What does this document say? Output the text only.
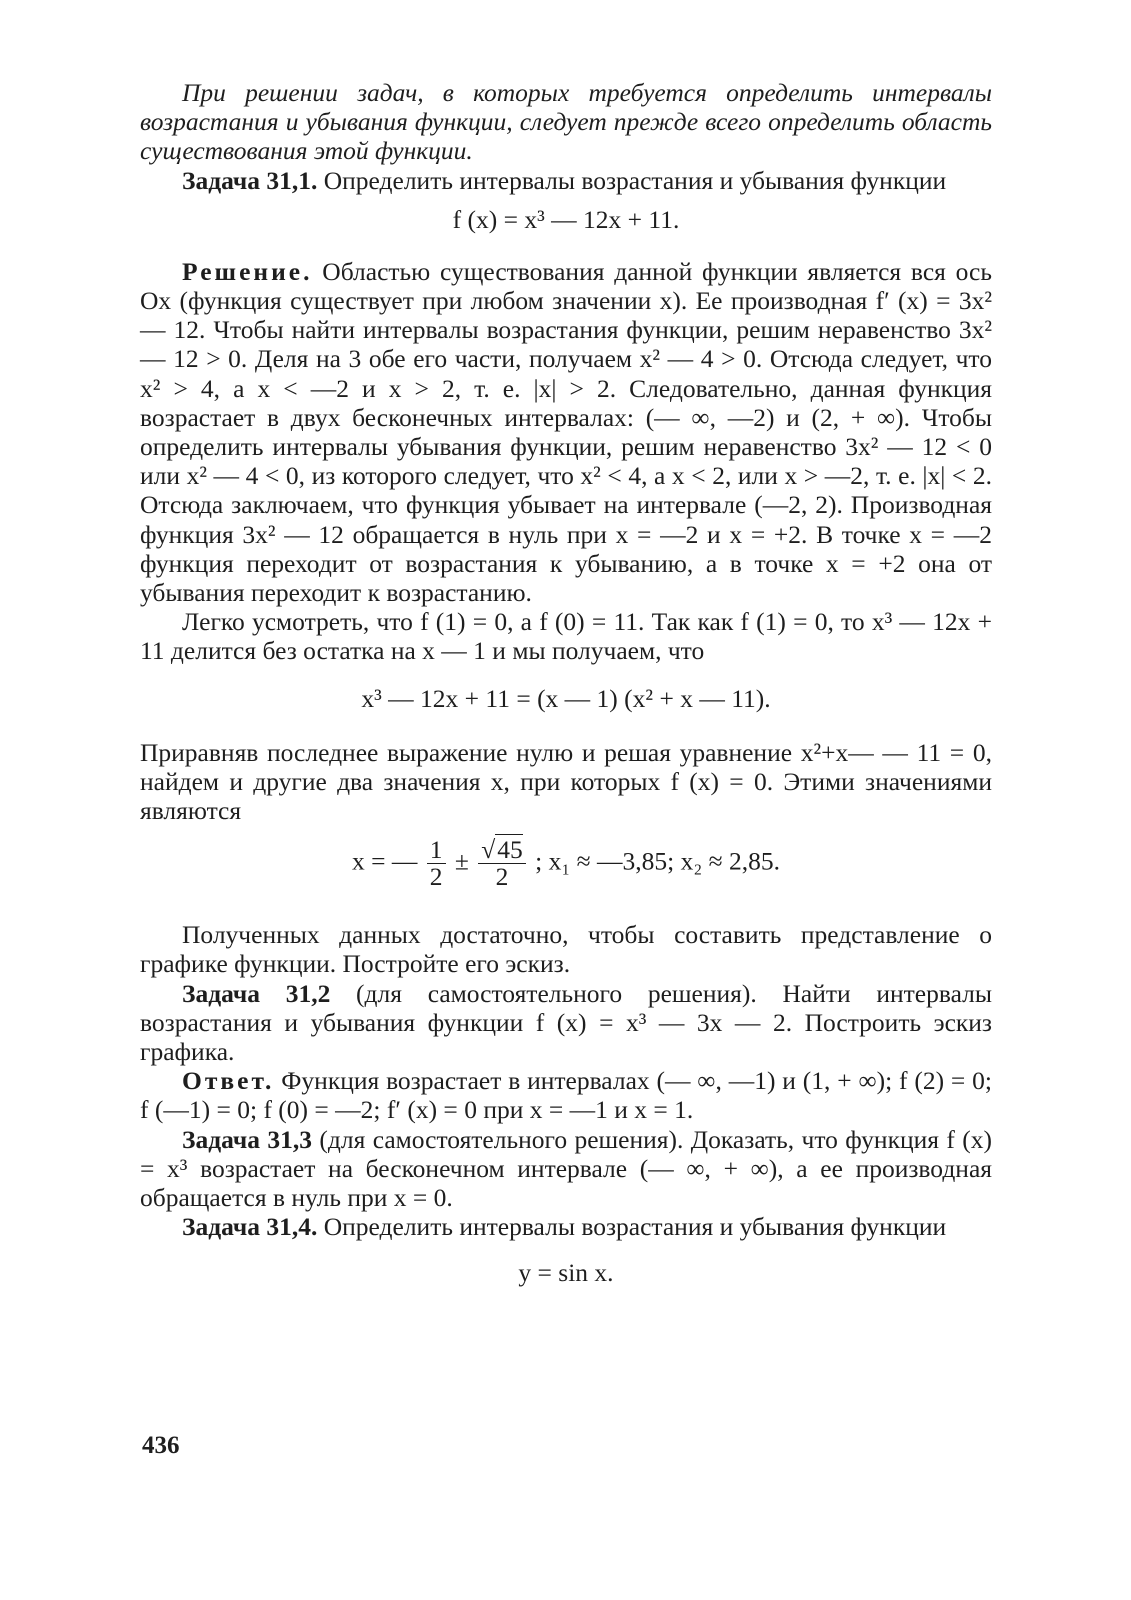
При решении задач, в которых требуется определить интервалы возрастания и убывания функции, следует прежде всего определить область существования этой функции.

Задача 31,1. Определить интервалы возрастания и убывания функции

f (x) = x³ — 12x + 11.

Решение. Областью существования данной функции является вся ось Ox (функция существует при любом значении x). Ее производная f′ (x) = 3x² — 12. Чтобы найти интервалы возрастания функции, решим неравенство 3x² — 12 > 0. Деля на 3 обе его части, получаем x² — 4 > 0. Отсюда следует, что x² > 4, а x < —2 и x > 2, т. е. |x| > 2. Следовательно, данная функция возрастает в двух бесконечных интервалах: (— ∞, —2) и (2, + ∞). Чтобы определить интервалы убывания функции, решим неравенство 3x² — 12 < 0 или x² — 4 < 0, из которого следует, что x² < 4, а x < 2, или x > —2, т. е. |x| < 2. Отсюда заключаем, что функция убывает на интервале (—2, 2). Производная функция 3x² — 12 обращается в нуль при x = —2 и x = +2. В точке x = —2 функция переходит от возрастания к убыванию, а в точке x = +2 она от убывания переходит к возрастанию.

Легко усмотреть, что f (1) = 0, а f (0) = 11. Так как f (1) = 0, то x³ — 12x + 11 делится без остатка на x — 1 и мы получаем, что

x³ — 12x + 11 = (x — 1) (x² + x — 11).

Приравняв последнее выражение нулю и решая уравнение x²+x— — 11 = 0, найдем и другие два значения x, при которых f (x) = 0. Этими значениями являются

x = — $\frac{1}{2} \pm \frac{√45}{2}$ ; x₁ ≈ —3,85; x₂ ≈ 2,85.

Полученных данных достаточно, чтобы составить представление о графике функции. Постройте его эскиз.

Задача 31,2 (для самостоятельного решения). Найти интервалы возрастания и убывания функции f (x) = x³ — 3x — 2. Построить эскиз графика.

Ответ. Функция возрастает в интервалах (— ∞, —1) и (1, + ∞); f (2) = 0; f (—1) = 0; f (0) = —2; f′ (x) = 0 при x = —1 и x = 1.

Задача 31,3 (для самостоятельного решения). Доказать, что функция f (x) = x³ возрастает на бесконечном интервале (— ∞, + ∞), а ее производная обращается в нуль при x = 0.

Задача 31,4. Определить интервалы возрастания и убывания функции

y = sin x.
436
